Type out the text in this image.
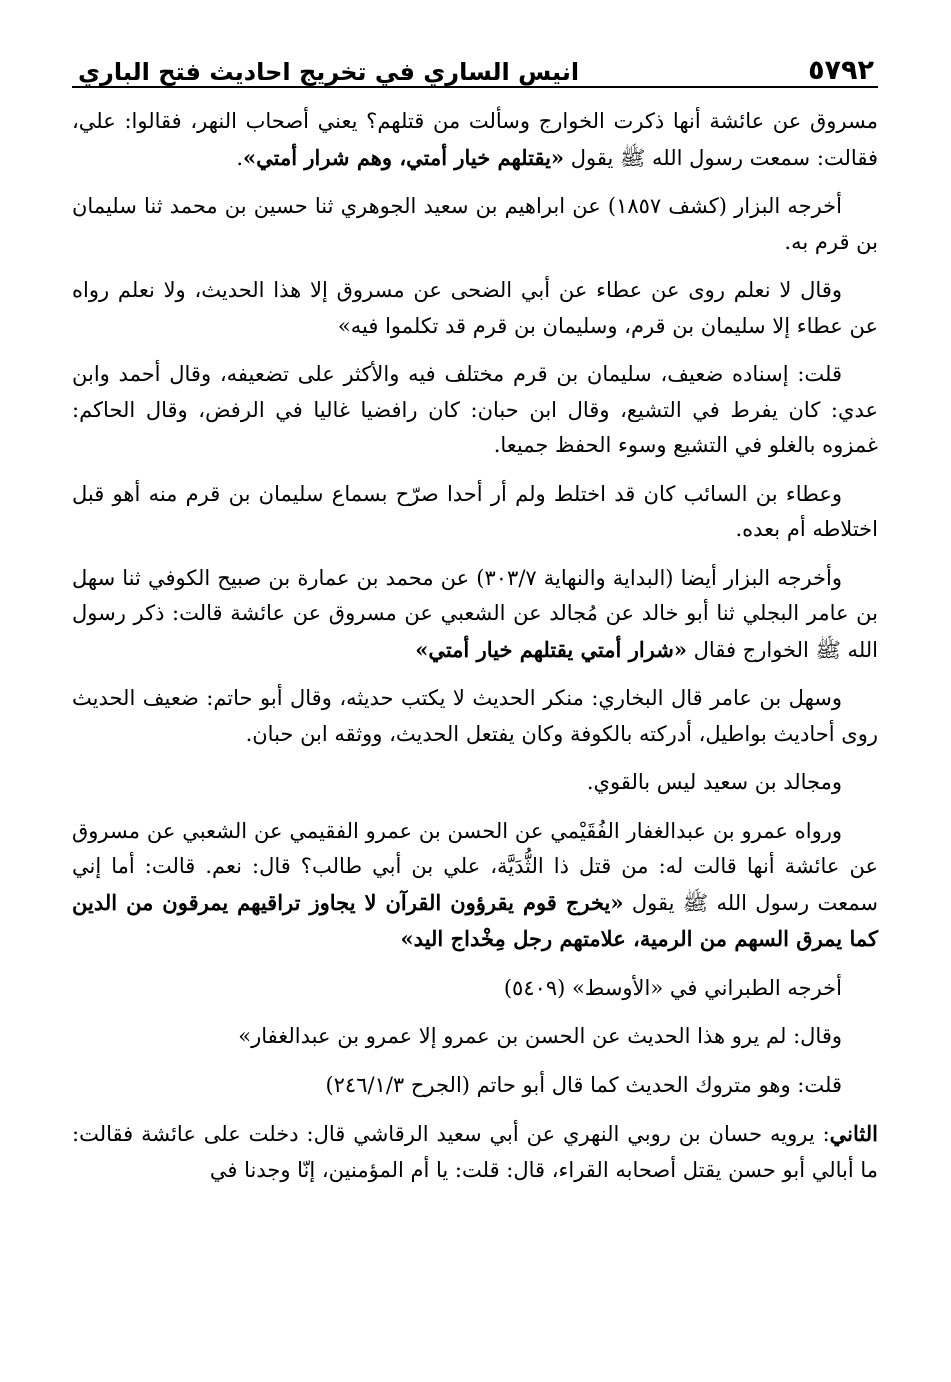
٥٧٩٢
انيس الساري في تخريج احاديث فتح الباري

مسروق عن عائشة أنها ذكرت الخوارج وسألت من قتلهم؟ يعني أصحاب النهر، فقالوا: علي، فقالت: سمعت رسول الله ﷺ يقول «يقتلهم خيار أمتي، وهم شرار أمتي».

أخرجه البزار (كشف ١٨٥٧) عن ابراهيم بن سعيد الجوهري ثنا حسين بن محمد ثنا سليمان بن قرم به.

وقال لا نعلم روى عن عطاء عن أبي الضحى عن مسروق إلا هذا الحديث، ولا نعلم رواه عن عطاء إلا سليمان بن قرم، وسليمان بن قرم قد تكلموا فيه»

قلت: إسناده ضعيف، سليمان بن قرم مختلف فيه والأكثر على تضعيفه، وقال أحمد وابن عدي: كان يفرط في التشيع، وقال ابن حبان: كان رافضيا غاليا في الرفض، وقال الحاكم: غمزوه بالغلو في التشيع وسوء الحفظ جميعا.

وعطاء بن السائب كان قد اختلط ولم أر أحدا صرّح بسماع سليمان بن قرم منه أهو قبل اختلاطه أم بعده.

وأخرجه البزار أيضا (البداية والنهاية ٣٠٣/٧) عن محمد بن عمارة بن صبيح الكوفي ثنا سهل بن عامر البجلي ثنا أبو خالد عن مُجالد عن الشعبي عن مسروق عن عائشة قالت: ذكر رسول الله ﷺ الخوارج فقال «شرار أمتي يقتلهم خيار أمتي»

وسهل بن عامر قال البخاري: منكر الحديث لا يكتب حديثه، وقال أبو حاتم: ضعيف الحديث روى أحاديث بواطيل، أدركته بالكوفة وكان يفتعل الحديث، ووثقه ابن حبان.

ومجالد بن سعيد ليس بالقوي.

ورواه عمرو بن عبدالغفار الفُقَيْمي عن الحسن بن عمرو الفقيمي عن الشعبي عن مسروق عن عائشة أنها قالت له: من قتل ذا الثُّدَيَّة، علي بن أبي طالب؟ قال: نعم. قالت: أما إني سمعت رسول الله ﷺ يقول «يخرج قوم يقرؤون القرآن لا يجاوز تراقيهم يمرقون من الدين كما يمرق السهم من الرمية، علامتهم رجل مِخْداج اليد»

أخرجه الطبراني في «الأوسط» (٥٤٠٩)

وقال: لم يرو هذا الحديث عن الحسن بن عمرو إلا عمرو بن عبدالغفار»

قلت: وهو متروك الحديث كما قال أبو حاتم (الجرح ٢٤٦/١/٣)

الثاني: يرويه حسان بن روبي النهري عن أبي سعيد الرقاشي قال: دخلت على عائشة فقالت: ما أبالي أبو حسن يقتل أصحابه القراء، قال: قلت: يا أم المؤمنين، إنّا وجدنا في
